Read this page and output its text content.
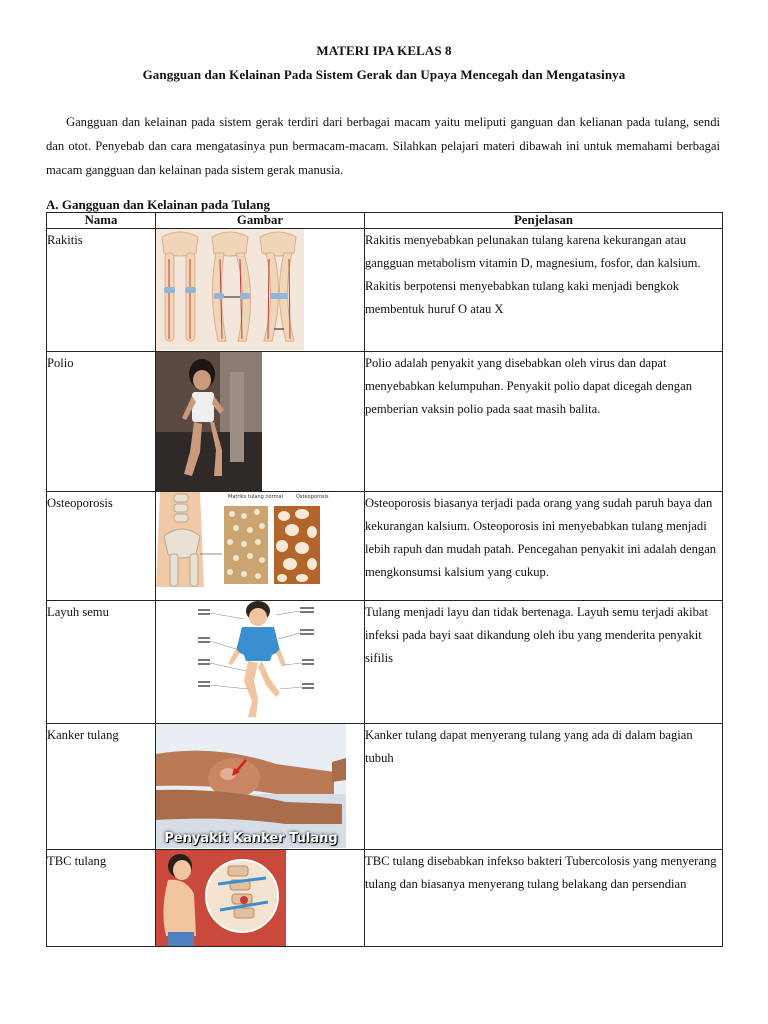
MATERI IPA KELAS 8
Gangguan dan Kelainan Pada Sistem Gerak dan Upaya Mencegah dan Mengatasinya

Gangguan dan kelainan pada sistem gerak terdiri dari berbagai macam yaitu meliputi ganguan dan kelianan pada tulang, sendi dan otot. Penyebab dan cara mengatasinya pun bermacam-macam. Silahkan pelajari materi dibawah ini untuk memahami berbagai macam gangguan dan kelainan pada sistem gerak manusia.

A. Gangguan dan Kelainan pada Tulang
Nama	Gambar	Penjelasan
Rakitis		Rakitis menyebabkan pelunakan tulang karena kekurangan atau gangguan metabolism vitamin D, magnesium, fosfor, dan kalsium. Rakitis berpotensi menyebabkan tulang kaki menjadi bengkok membentuk huruf O atau X
Polio		Polio adalah penyakit yang disebabkan oleh virus dan dapat menyebabkan kelumpuhan. Penyakit polio dapat dicegah dengan pemberian vaksin polio pada saat masih balita.
Osteoporosis	Matriks tulang normal Osteoporosis	Osteoporosis biasanya terjadi pada orang yang sudah paruh baya dan kekurangan kalsium. Osteoporosis ini menyebabkan tulang menjadi lebih rapuh dan mudah patah. Pencegahan penyakit ini adalah dengan mengkonsumsi kalsium yang cukup.
Layuh semu		Tulang menjadi layu dan tidak bertenaga. Layuh semu terjadi akibat infeksi pada bayi saat dikandung oleh ibu yang menderita penyakit sifilis
Kanker tulang	Penyakit Kanker Tulang	Kanker tulang dapat menyerang tulang yang ada di dalam bagian tubuh
TBC tulang		TBC tulang disebabkan infekso bakteri Tubercolosis yang menyerang tulang dan biasanya menyerang tulang belakang dan persendian
